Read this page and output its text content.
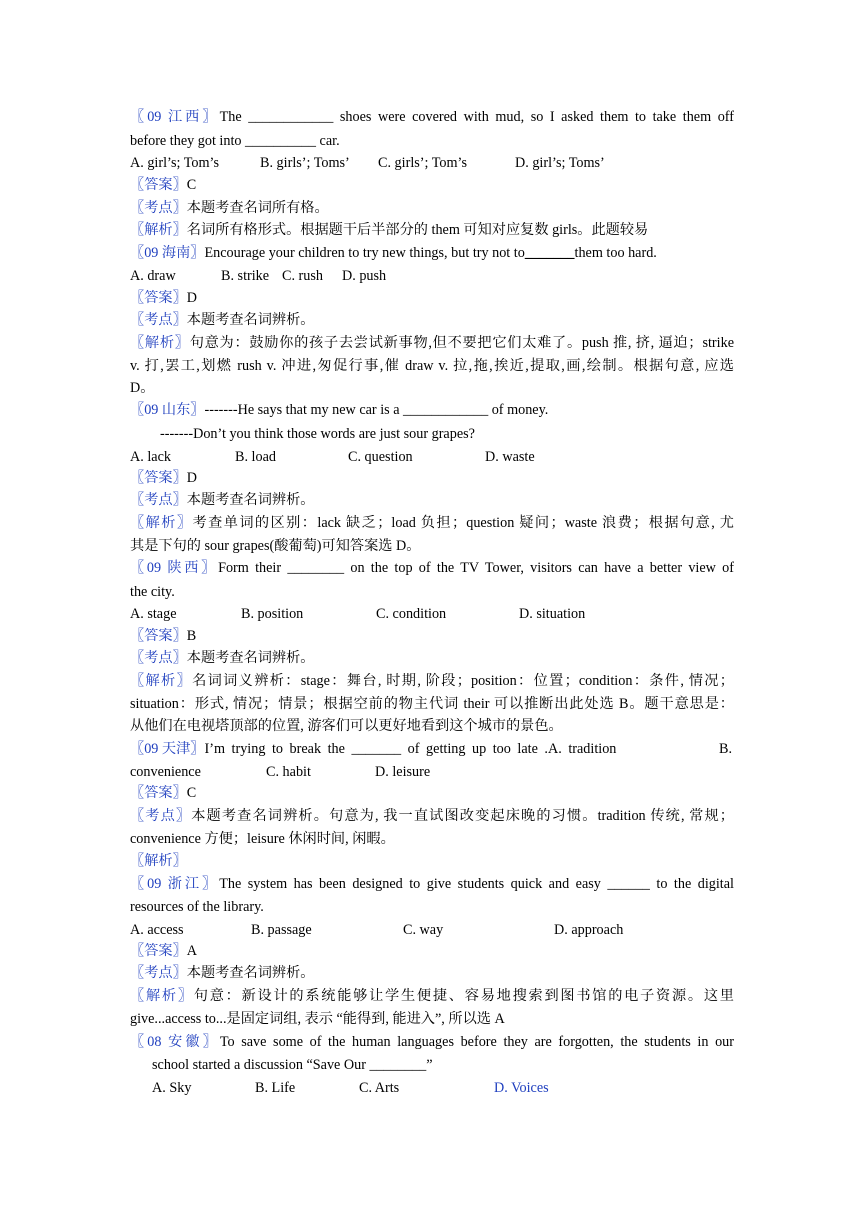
〖09 江西〗The ____________ shoes were covered with mud, so I asked them to take them off
before they got into __________ car.
A. girl’s; Tom’s	B. girls’; Toms’ C. girls’; Tom’s	D. girl’s; Toms’
〖答案〗C
〖考点〗本题考查名词所有格。
〖解析〗名词所有格形式。根据题干后半部分的 them 可知对应复数 girls。此题较易
〖09 海南〗Encourage your children to try new things, but try not to_______them too hard.
A. draw	B. strike C. rush D. push
〖答案〗D
〖考点〗本题考查名词辨析。
〖解析〗句意为：鼓励你的孩子去尝试新事物,但不要把它们太难了。push 推, 挤, 逼迫；strike
v. 打,罢工,划燃 rush v. 冲进,匆促行事,催 draw v. 拉,拖,挨近,提取,画,绘制。根据句意, 应选
D。
〖09 山东〗-------He says that my new car is a ____________ of money.
-------Don’t you think those words are just sour grapes?
A. lack	B. load	C. question	D. waste
〖答案〗D
〖考点〗本题考查名词辨析。
〖解析〗考查单词的区别：lack 缺乏；load 负担；question 疑问；waste 浪费；根据句意, 尤
其是下句的 sour grapes(酸葡萄)可知答案选 D。
〖09 陕西〗Form their ________ on the top of the TV Tower, visitors can have a better view of
the city.
A. stage	B. position	C. condition	D. situation
〖答案〗B
〖考点〗本题考查名词辨析。
〖解析〗名词词义辨析：stage：舞台, 时期, 阶段；position：位置；condition：条件, 情况；
situation：形式, 情况；情景；根据空前的物主代词 their 可以推断出此处选 B。题干意思是：
从他们在电视塔顶部的位置, 游客们可以更好地看到这个城市的景色。
〖09 天津〗I’m trying to break the _______ of getting up too late .A. tradition	B.
convenience	C. habit	D. leisure
〖答案〗C
〖考点〗本题考查名词辨析。句意为, 我一直试图改变起床晚的习惯。tradition 传统, 常规；
convenience 方便；leisure 休闲时间, 闲暇。
〖解析〗
〖09 浙江〗The system has been designed to give students quick and easy ______ to the digital
resources of the library.
A. access	B. passage	C. way	D. approach
〖答案〗A
〖考点〗本题考查名词辨析。
〖解析〗句意：新设计的系统能够让学生便捷、容易地搜索到图书馆的电子资源。这里
give...access to...是固定词组, 表示 “能得到, 能进入”, 所以选 A
〖08 安徽〗To save some of the human languages before they are forgotten, the students in our
school started a discussion “Save Our ________”
A. Sky	B. Life	C. Arts	D. Voices
